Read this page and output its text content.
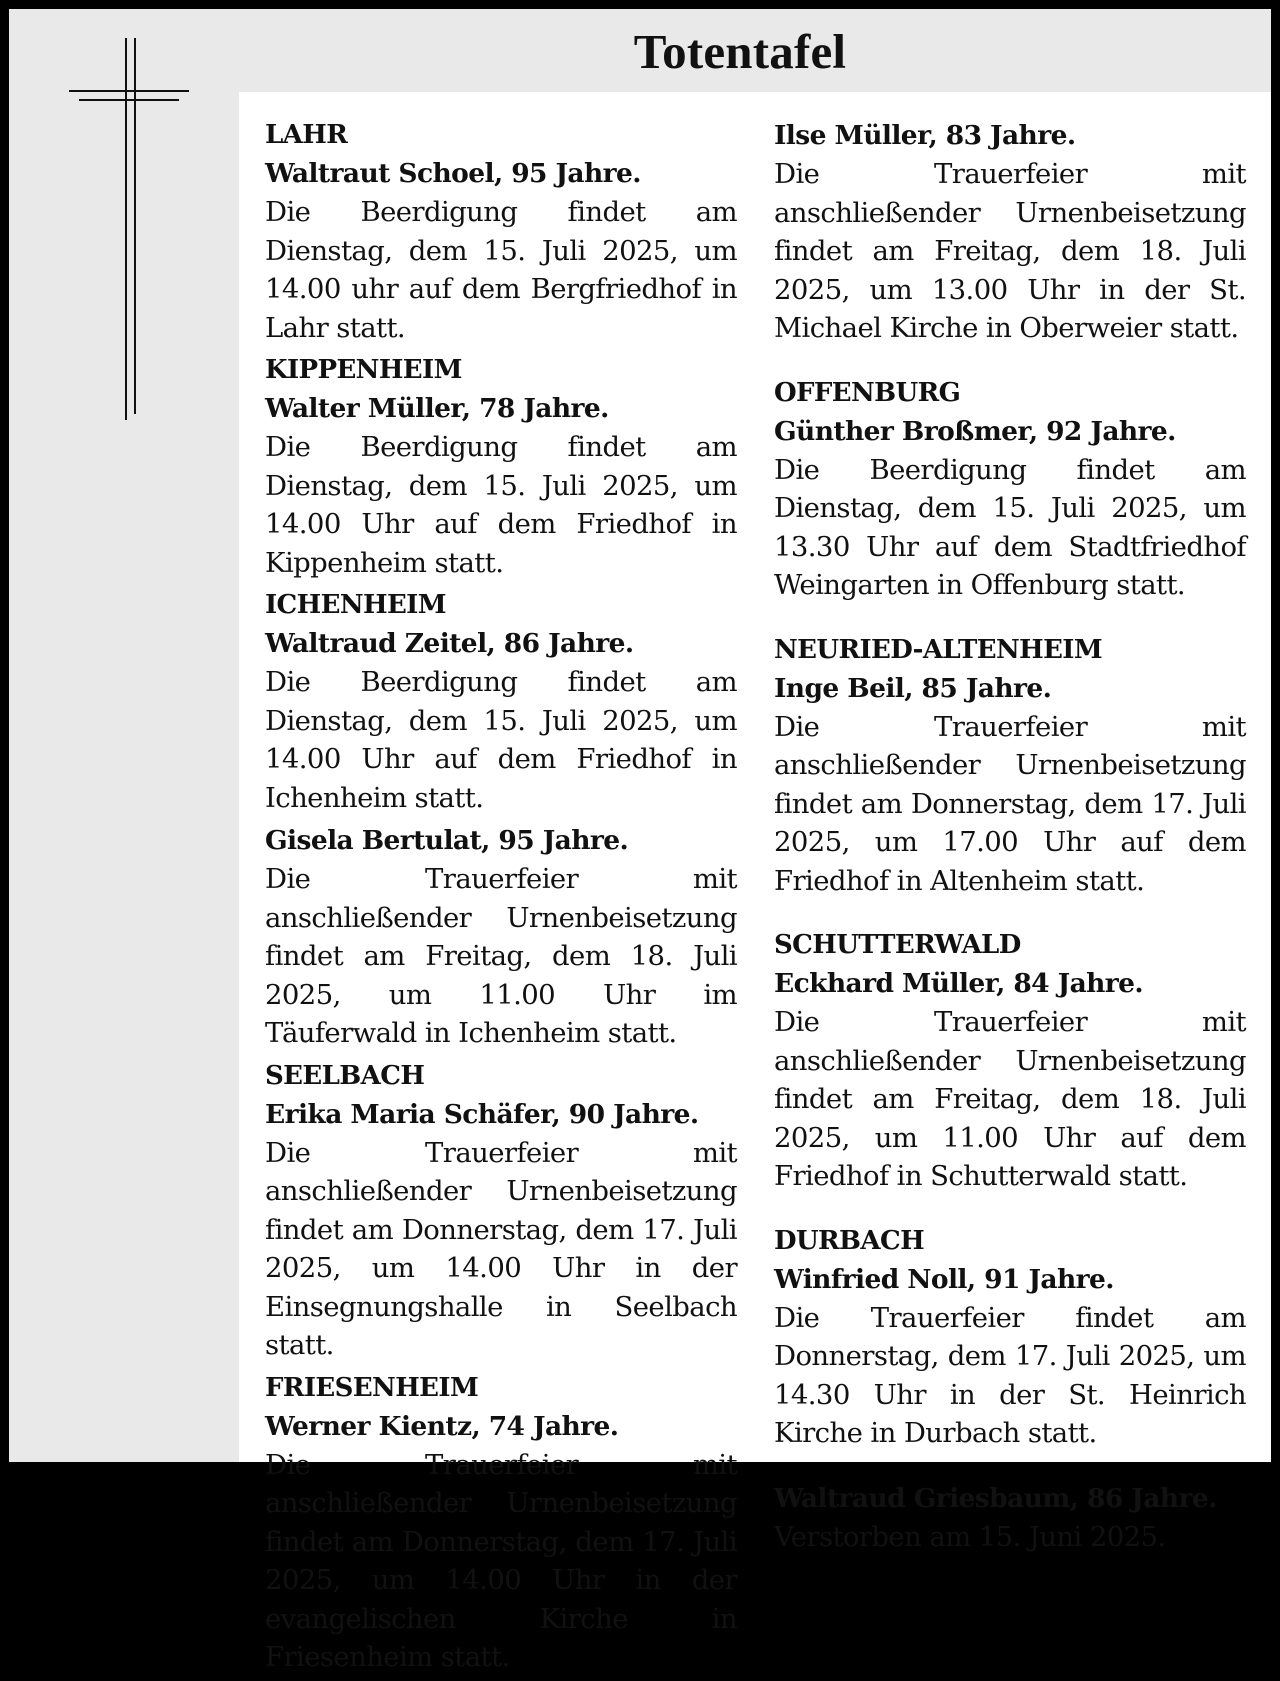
Totentafel
LAHR
Waltraut Schoel, 95 Jahre.
Die Beerdigung findet am Dienstag, dem 15. Juli 2025, um 14.00 uhr auf dem Bergfriedhof in Lahr statt.
KIPPENHEIM
Walter Müller, 78 Jahre.
Die Beerdigung findet am Dienstag, dem 15. Juli 2025, um 14.00 Uhr auf dem Friedhof in Kippenheim statt.
ICHENHEIM
Waltraud Zeitel, 86 Jahre.
Die Beerdigung findet am Dienstag, dem 15. Juli 2025, um 14.00 Uhr auf dem Friedhof in Ichenheim statt.
Gisela Bertulat, 95 Jahre.
Die Trauerfeier mit anschließender Urnenbeisetzung findet am Freitag, dem 18. Juli 2025, um 11.00 Uhr im Täuferwald in Ichenheim statt.
SEELBACH
Erika Maria Schäfer, 90 Jahre.
Die Trauerfeier mit anschließender Urnenbeisetzung findet am Donnerstag, dem 17. Juli 2025, um 14.00 Uhr in der Einsegnungshalle in Seelbach statt.
FRIESENHEIM
Werner Kientz, 74 Jahre.
Die Trauerfeier mit anschließender Urnenbeisetzung findet am Donnerstag, dem 17. Juli 2025, um 14.00 Uhr in der evangelischen Kirche in Friesenheim statt.
Ilse Müller, 83 Jahre.
Die Trauerfeier mit anschließender Urnenbeisetzung findet am Freitag, dem 18. Juli 2025, um 13.00 Uhr in der St. Michael Kirche in Oberweier statt.
OFFENBURG
Günther Broßmer, 92 Jahre.
Die Beerdigung findet am Dienstag, dem 15. Juli 2025, um 13.30 Uhr auf dem Stadtfriedhof Weingarten in Offenburg statt.
NEURIED-ALTENHEIM
Inge Beil, 85 Jahre.
Die Trauerfeier mit anschließender Urnenbeisetzung findet am Donnerstag, dem 17. Juli 2025, um 17.00 Uhr auf dem Friedhof in Altenheim statt.
SCHUTTERWALD
Eckhard Müller, 84 Jahre.
Die Trauerfeier mit anschließender Urnenbeisetzung findet am Freitag, dem 18. Juli 2025, um 11.00 Uhr auf dem Friedhof in Schutterwald statt.
DURBACH
Winfried Noll, 91 Jahre.
Die Trauerfeier findet am Donnerstag, dem 17. Juli 2025, um 14.30 Uhr in der St. Heinrich Kirche in Durbach statt.
Waltraud Griesbaum, 86 Jahre.
Verstorben am 15. Juni 2025.
